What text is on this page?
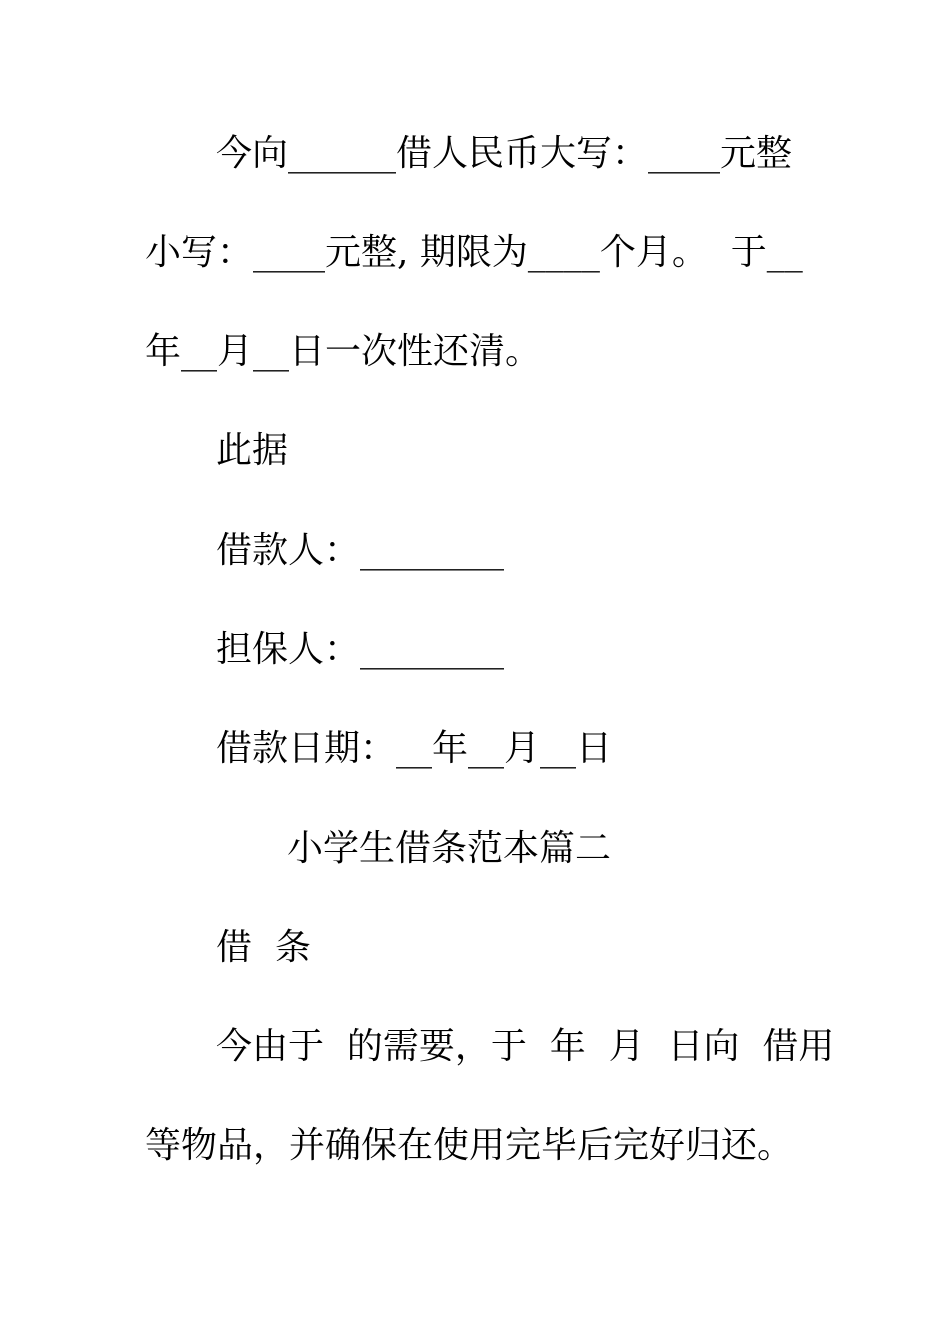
今向______借人民币大写：____元整

小写：____元整, 期限为____个月。  于__

年__月__日一次性还清。

此据

借款人：________

担保人：________

借款日期：__年__月__日

小学生借条范本篇二

借  条

今由于  的需要，于  年  月  日向  借用

等物品，并确保在使用完毕后完好归还。
